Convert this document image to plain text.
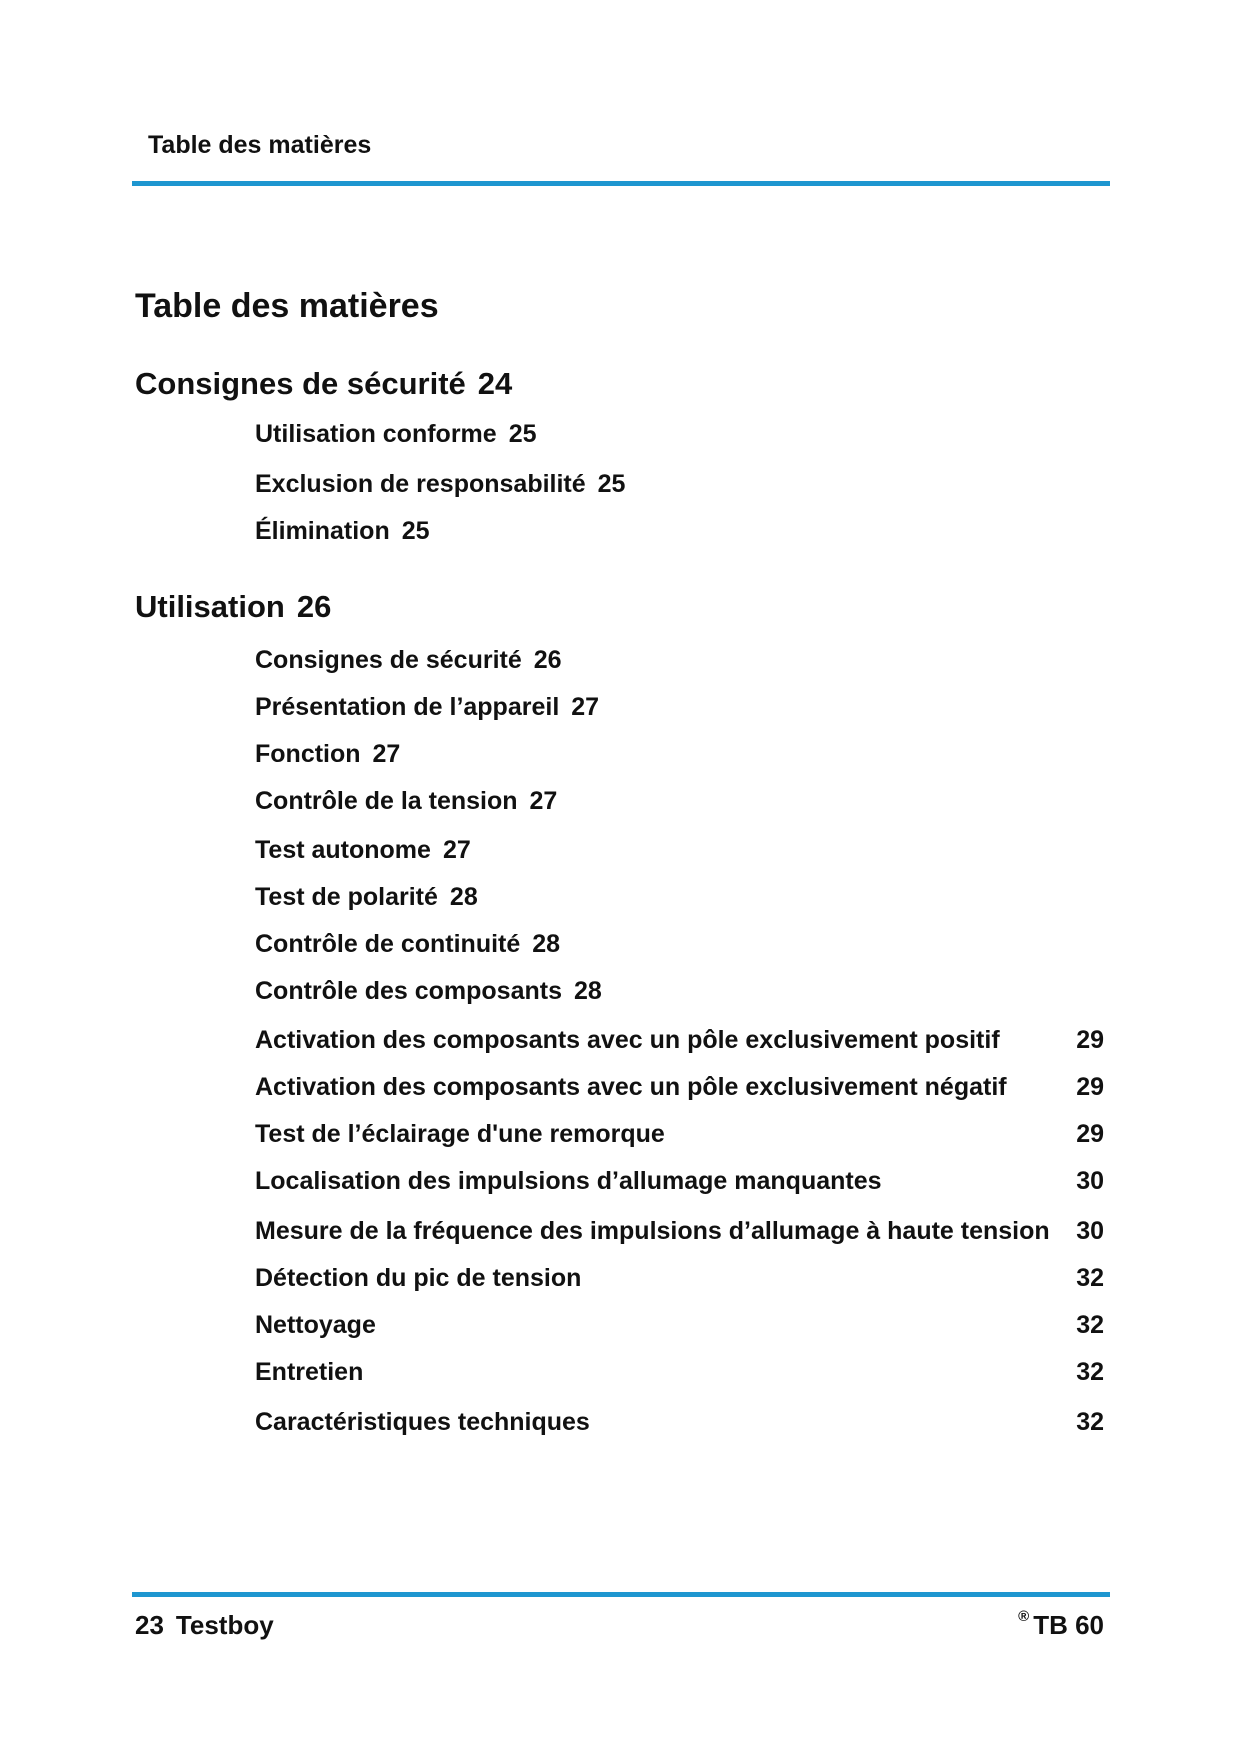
Table des matières
Table des matières
Consignes de sécurité 24
Utilisation conforme 25
Exclusion de responsabilité 25
Élimination 25
Utilisation 26
Consignes de sécurité 26
Présentation de l’appareil 27
Fonction 27
Contrôle de la tension 27
Test autonome 27
Test de polarité 28
Contrôle de continuité 28
Contrôle des composants 28
Activation des composants avec un pôle exclusivement positif	29
Activation des composants avec un pôle exclusivement négatif	29
Test de l’éclairage d'une remorque	29
Localisation des impulsions d’allumage manquantes	30
Mesure de la fréquence des impulsions d’allumage à haute tension 30
Détection du pic de tension	32
Nettoyage	32
Entretien	32
Caractéristiques techniques	32
23 Testboy	® TB 60
